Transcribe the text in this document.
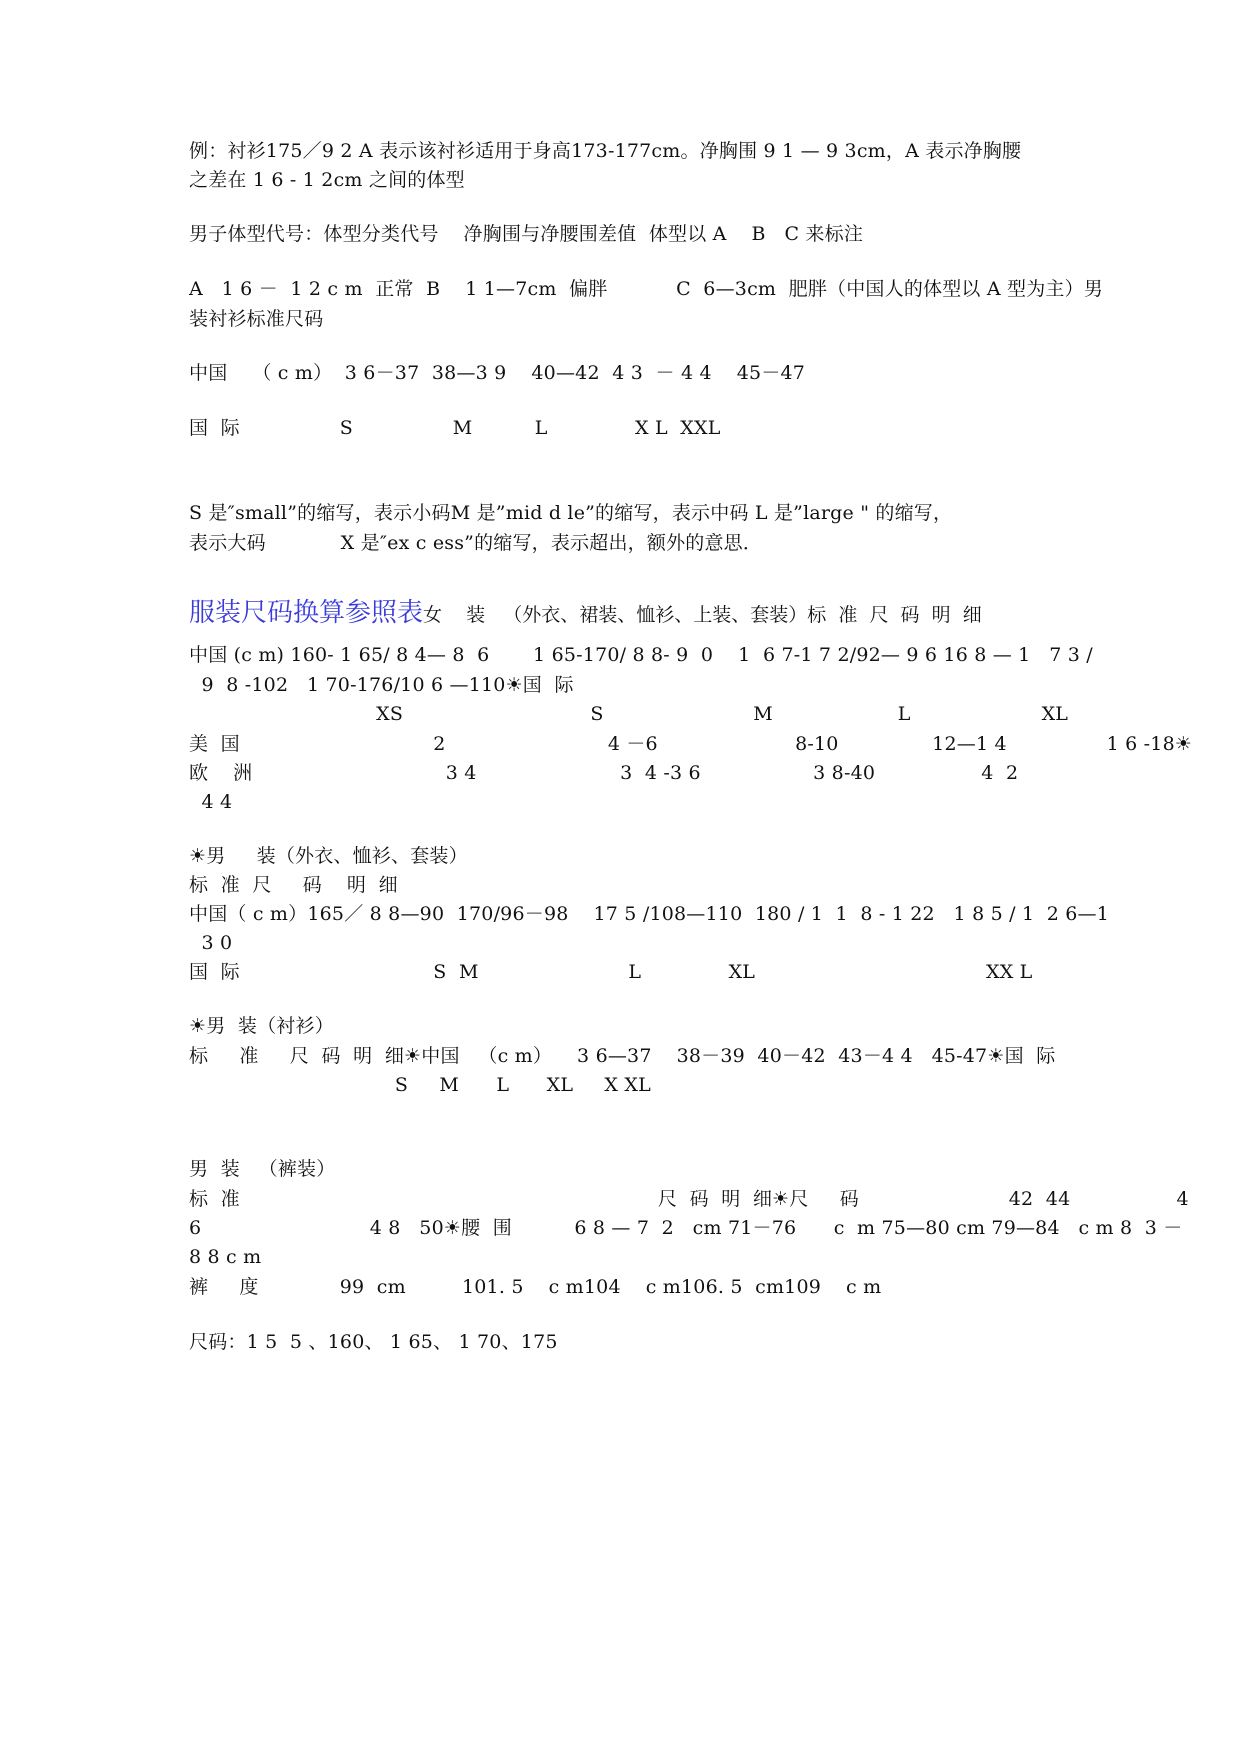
例：衬衫175／9 2 A 表示该衬衫适用于身高173-177cm。净胸围 9 1 — 9 3cm，A 表示净胸腰
之差在 1 6 - 1 2cm 之间的体型
男子体型代号：体型分类代号    净胸围与净腰围差值  体型以 A    B   C 来标注
A   1 6 －  1 2 c m  正常  B    1 1—7cm  偏胖           C  6—3cm  肥胖（中国人的体型以 A 型为主）男
装衬衫标准尺码
中国    （ c m）  3 6－37  38—3 9    40—42  4 3  － 4 4    45－47
国  际                S                M          L              X L  XXL
S 是″small”的缩写，表示小码M 是”mid d le”的缩写，表示中码 L 是”large " 的缩写，
表示大码            X 是″ex c ess”的缩写，表示超出，额外的意思．
服装尺码换算参照表女    装   （外衣、裙装、恤衫、上装、套装）标  准  尺  码  明  细
中国 (c m) 160- 1 65/ 8 4— 8  6       1 65-170/ 8 8- 9  0    1  6 7-1 7 2/92— 9 6 16 8 — 1   7 3 /
9  8 -102   1 70-176/10 6 —110☀国  际
XS                              S                        M                    L                     XL
美  国                               2                          4 －6                      8-10               12—1 4                1 6 -18☀
欧    洲                               3 4                       3  4 -3 6                  3 8-40                 4  2
4 4
☀男     装（外衣、恤衫、套装）
标  准  尺     码    明  细
中国（ c m）165／ 8 8—90  170/96－98    17 5 /108—110  180 / 1  1  8 - 1 22   1 8 5 / 1  2 6—1
3 0
国  际                               S  M                        L              XL                                     XX L
☀男  装（衬衫）
标     准     尺  码  明  细☀中国   （c m）    3 6—37    38－39  40－42  43－4 4   45-47☀国  际
S     M      L      XL     X XL
男  装   （裤装）
标  准                                                                   尺  码  明  细☀尺     码                        42  44                 4
6                           4 8   50☀腰  围          6 8 — 7  2   cm 71－76      c  m 75—80 cm 79—84   c m 8  3 －
8 8 c m
裤     度             99  cm         101. 5    c m104    c m106. 5  cm109    c m
尺码：1 5  5 、160、 1 65、 1 70、175
